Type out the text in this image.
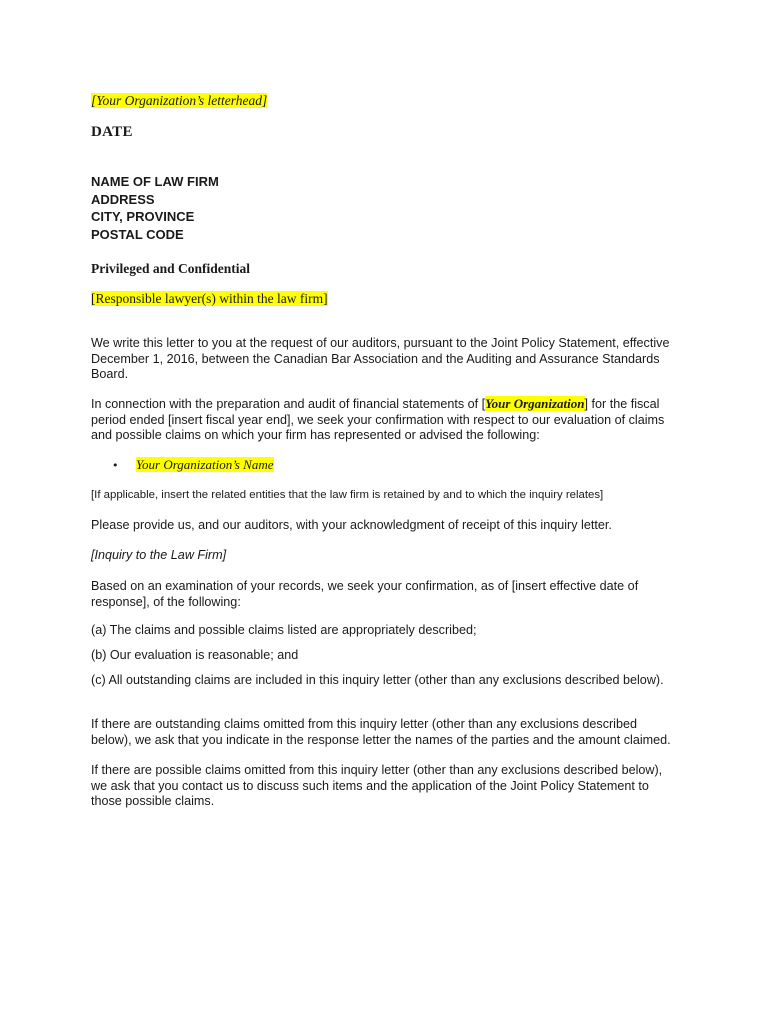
[Your Organization’s letterhead]
DATE
NAME OF LAW FIRM
ADDRESS
CITY, PROVINCE
POSTAL CODE
Privileged and Confidential
[Responsible lawyer(s) within the law firm]

We write this letter to you at the request of our auditors, pursuant to the Joint Policy Statement, effective December 1, 2016, between the Canadian Bar Association and the Auditing and Assurance Standards Board.

In connection with the preparation and audit of financial statements of [Your Organization] for the fiscal period ended [insert fiscal year end], we seek your confirmation with respect to our evaluation of claims and possible claims on which your firm has represented or advised the following:

• Your Organization’s Name
[If applicable, insert the related entities that the law firm is retained by and to which the inquiry relates]

Please provide us, and our auditors, with your acknowledgment of receipt of this inquiry letter.

[Inquiry to the Law Firm]

Based on an examination of your records, we seek your confirmation, as of [insert effective date of response], of the following:

(a) The claims and possible claims listed are appropriately described;

(b) Our evaluation is reasonable; and

(c) All outstanding claims are included in this inquiry letter (other than any exclusions described below).

If there are outstanding claims omitted from this inquiry letter (other than any exclusions described below), we ask that you indicate in the response letter the names of the parties and the amount claimed.

If there are possible claims omitted from this inquiry letter (other than any exclusions described below), we ask that you contact us to discuss such items and the application of the Joint Policy Statement to those possible claims.
